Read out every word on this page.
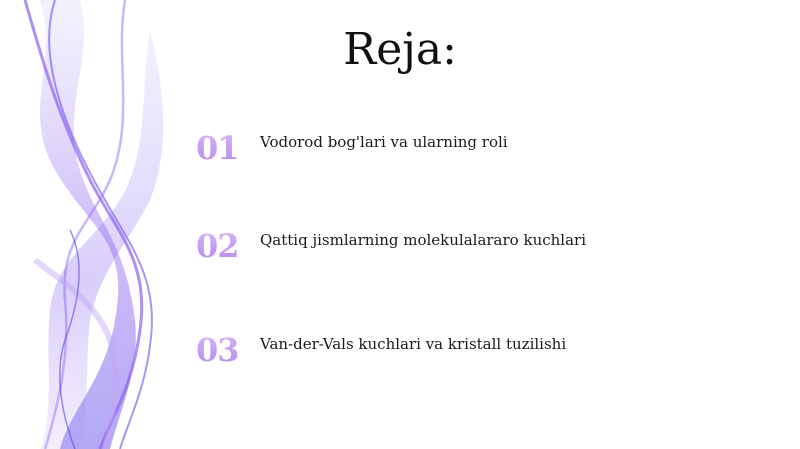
Reja:
01	Vodorod bog'lari va ularning roli
02	Qattiq jismlarning molekulalararo kuchlari
03	Van-der-Vals kuchlari va kristall tuzilishi
